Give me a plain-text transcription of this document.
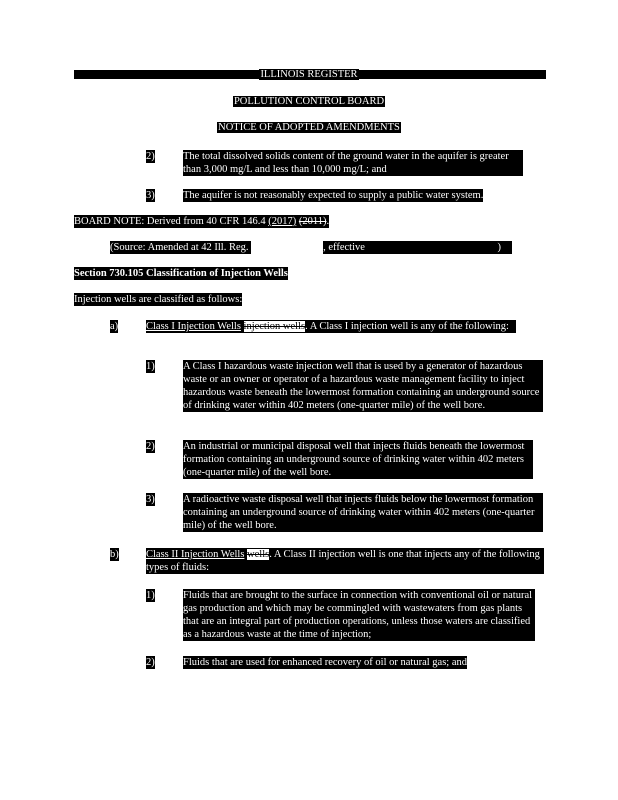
ILLINOIS REGISTER
POLLUTION CONTROL BOARD
NOTICE OF ADOPTED AMENDMENTS
2)	The total dissolved solids content of the ground water in the aquifer is greater than 3,000 mg/L and less than 10,000 mg/L; and
3)	The aquifer is not reasonably expected to supply a public water system.
BOARD NOTE: Derived from 40 CFR 146.4 (2017) (2011).
(Source: Amended at 42 Ill. Reg.	, effective	)
Section 730.105 Classification of Injection Wells
Injection wells are classified as follows:
a)	Class I Injection Wells injection wells. A Class I injection well is any of the following:
1)	A Class I hazardous waste injection well that is used by a generator of hazardous waste or an owner or operator of a hazardous waste management facility to inject hazardous waste beneath the lowermost formation containing an underground source of drinking water within 402 meters (one-quarter mile) of the well bore.
2)	An industrial or municipal disposal well that injects fluids beneath the lowermost formation containing an underground source of drinking water within 402 meters (one-quarter mile) of the well bore.
3)	A radioactive waste disposal well that injects fluids below the lowermost formation containing an underground source of drinking water within 402 meters (one-quarter mile) of the well bore.
b)	Class II Injection Wells wells. A Class II injection well is one that injects any of the following types of fluids:
1)	Fluids that are brought to the surface in connection with conventional oil or natural gas production and which may be commingled with wastewaters from gas plants that are an integral part of production operations, unless those waters are classified as a hazardous waste at the time of injection;
2)	Fluids that are used for enhanced recovery of oil or natural gas; and
